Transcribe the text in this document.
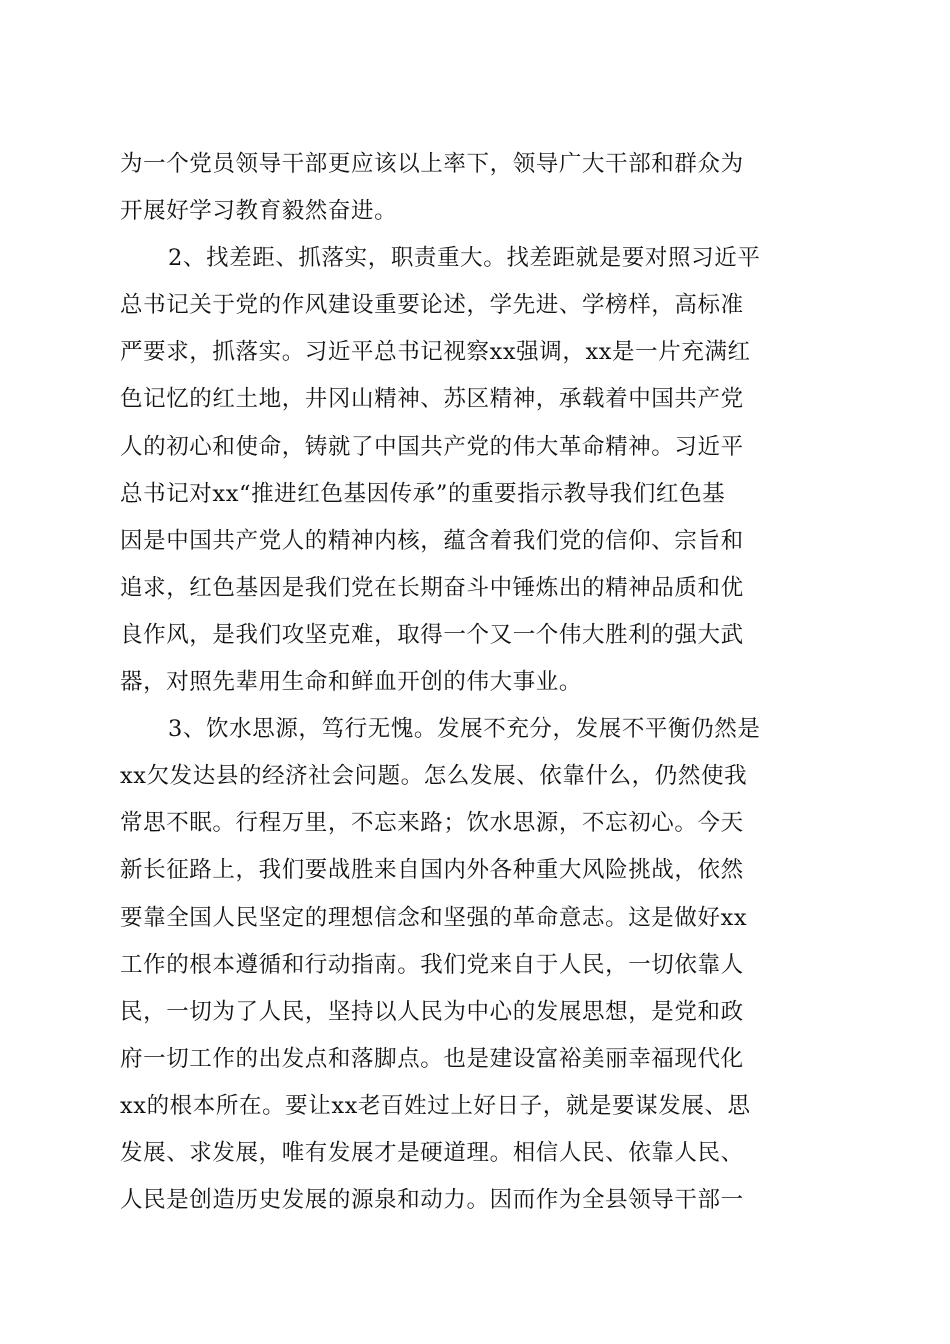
为一个党员领导干部更应该以上率下，领导广大干部和群众为
开展好学习教育毅然奋进。
2、找差距、抓落实，职责重大。找差距就是要对照习近平
总书记关于党的作风建设重要论述，学先进、学榜样，高标准
严要求，抓落实。习近平总书记视察xx强调，xx是一片充满红
色记忆的红土地，井冈山精神、苏区精神，承载着中国共产党
人的初心和使命，铸就了中国共产党的伟大革命精神。习近平
总书记对xx“推进红色基因传承”的重要指示教导我们红色基
因是中国共产党人的精神内核，蕴含着我们党的信仰、宗旨和
追求，红色基因是我们党在长期奋斗中锤炼出的精神品质和优
良作风，是我们攻坚克难，取得一个又一个伟大胜利的强大武
器，对照先辈用生命和鲜血开创的伟大事业。
3、饮水思源，笃行无愧。发展不充分，发展不平衡仍然是
xx欠发达县的经济社会问题。怎么发展、依靠什么，仍然使我
常思不眠。行程万里，不忘来路；饮水思源，不忘初心。今天
新长征路上，我们要战胜来自国内外各种重大风险挑战，依然
要靠全国人民坚定的理想信念和坚强的革命意志。这是做好xx
工作的根本遵循和行动指南。我们党来自于人民，一切依靠人
民，一切为了人民，坚持以人民为中心的发展思想，是党和政
府一切工作的出发点和落脚点。也是建设富裕美丽幸福现代化
xx的根本所在。要让xx老百姓过上好日子，就是要谋发展、思
发展、求发展，唯有发展才是硬道理。相信人民、依靠人民、
人民是创造历史发展的源泉和动力。因而作为全县领导干部一
